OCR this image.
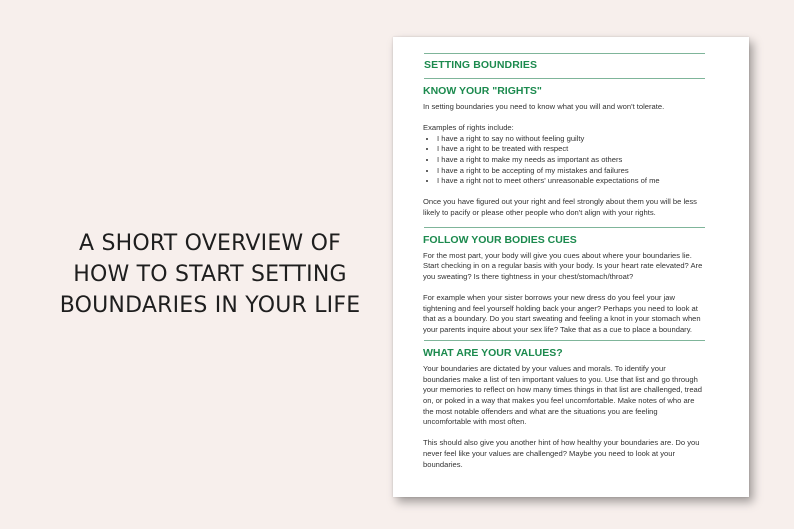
A SHORT OVERVIEW OF
HOW TO START SETTING
BOUNDARIES IN YOUR LIFE
SETTING BOUNDRIES
KNOW YOUR "RIGHTS"

In setting boundaries you need to know what you will and won't tolerate.

Examples of rights include:

• I have a right to say no without feeling guilty
• I have a right to be treated with respect
• I have a right to make my needs as important as others
• I have a right to be accepting of my mistakes and failures
• I have a right not to meet others' unreasonable expectations of me

Once you have figured out your right and feel strongly about them you will be less

likely to pacify or please other people who don't align with your rights.

FOLLOW YOUR BODIES CUES

For the most part, your body will give you cues about where your boundaries lie.

Start checking in on a regular basis with your body. Is your heart rate elevated? Are

you sweating? Is there tightness in your chest/stomach/throat?

For example when your sister borrows your new dress do you feel your jaw

tightening and feel yourself holding back your anger? Perhaps you need to look at

that as a boundary. Do you start sweating and feeling a knot in your stomach when

your parents inquire about your sex life? Take that as a cue to place a boundary.

WHAT ARE YOUR VALUES?

Your boundaries are dictated by your values and morals. To identify your

boundaries make a list of ten important values to you. Use that list and go through

your memories to reflect on how many times things in that list are challenged, tread

on, or poked in a way that makes you feel uncomfortable. Make notes of who are

the most notable offenders and what are the situations you are feeling

uncomfortable with most often.

This should also give you another hint of how healthy your boundaries are. Do you

never feel like your values are challenged? Maybe you need to look at your

boundaries.
